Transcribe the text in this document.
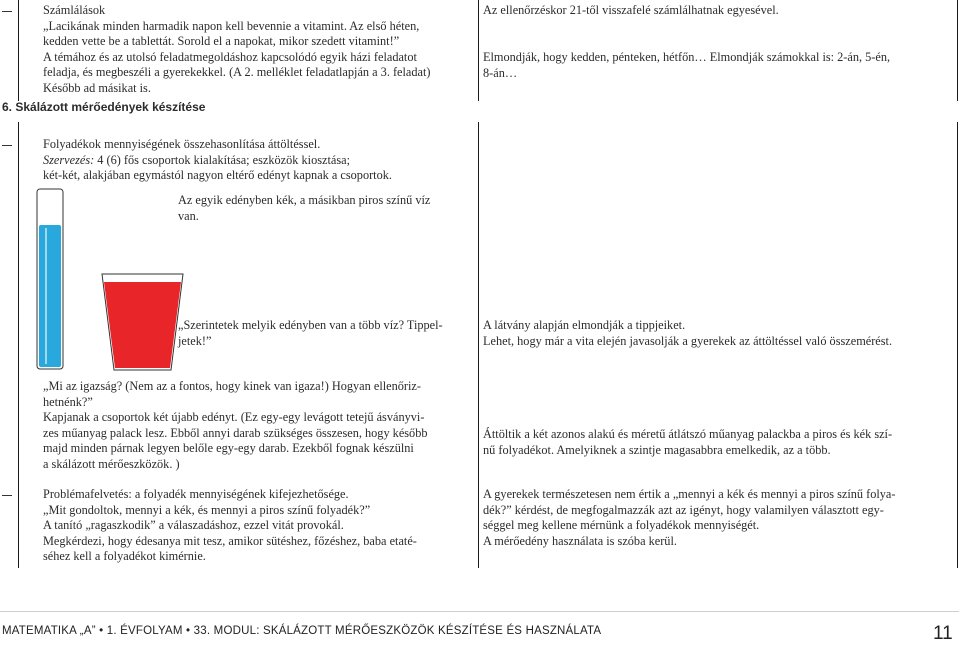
Számlálások
„Lacikának minden harmadik napon kell bevennie a vitamint. Az első héten,
kedden vette be a tablettát. Sorold el a napokat, mikor szedett vitamint!”
A témához és az utolsó feladatmegoldáshoz kapcsolódó egyik házi feladatot
feladja, és megbeszéli a gyerekekkel. (A 2. melléklet feladatlapján a 3. feladat)
Később ad másikat is.
6. Skálázott mérőedények készítése
Folyadékok mennyiségének összehasonlítása áttöltéssel.
Szervezés: 4 (6) fős csoportok kialakítása; eszközök kiosztása;
két-két, alakjában egymástól nagyon eltérő edényt kapnak a csoportok.
Az egyik edényben kék, a másikban piros színű víz
van.
„Szerintetek melyik edényben van a több víz? Tippel-
jetek!”
„Mi az igazság? (Nem az a fontos, hogy kinek van igaza!) Hogyan ellenőriz-
hetnénk?”
Kapjanak a csoportok két újabb edényt. (Ez egy-egy levágott tetejű ásványvi-
zes műanyag palack lesz. Ebből annyi darab szükséges összesen, hogy később
majd minden párnak legyen belőle egy-egy darab. Ezekből fognak készülni
a skálázott mérőeszközök. )
Problémafelvetés: a folyadék mennyiségének kifejezhetősége.
„Mit gondoltok, mennyi a kék, és mennyi a piros színű folyadék?”
A tanító „ragaszkodik” a válaszadáshoz, ezzel vitát provokál.
Megkérdezi, hogy édesanya mit tesz, amikor sütéshez, főzéshez, baba etaté-
séhez kell a folyadékot kimérnie.
Az ellenőrzéskor 21-től visszafelé számlálhatnak egyesével.
Elmondják, hogy kedden, pénteken, hétfőn… Elmondják számokkal is: 2-án, 5-én,
8-án…
A látvány alapján elmondják a tippjeiket.
Lehet, hogy már a vita elején javasolják a gyerekek az áttöltéssel való összemérést.
Áttöltik a két azonos alakú és méretű átlátszó műanyag palackba a piros és kék szí-
nű folyadékot. Amelyiknek a szintje magasabbra emelkedik, az a több.
A gyerekek természetesen nem értik a „mennyi a kék és mennyi a piros színű folya-
dék?” kérdést, de megfogalmazzák azt az igényt, hogy valamilyen választott egy-
séggel meg kellene mérnünk a folyadékok mennyiségét.
A mérőedény használata is szóba kerül.
MATEMATIKA „A” • 1. ÉVFOLYAM • 33. MODUL: SKÁLÁZOTT MÉRŐESZKÖZÖK KÉSZÍTÉSE ÉS HASZNÁLATA	11
